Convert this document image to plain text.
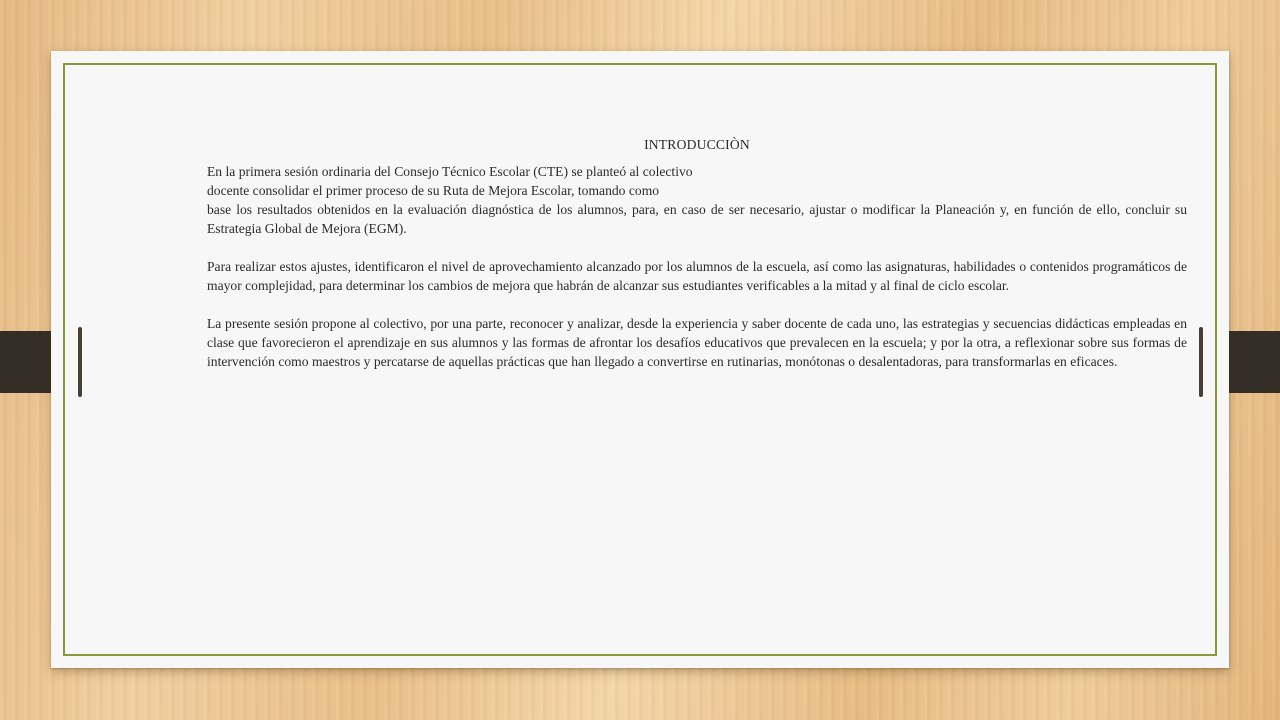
INTRODUCCIÒN
En la primera sesión ordinaria del Consejo Técnico Escolar (CTE) se planteó al colectivo
docente consolidar el primer proceso de su Ruta de Mejora Escolar, tomando como

base los resultados obtenidos en la evaluación diagnóstica de los alumnos, para, en caso de ser necesario, ajustar o modificar la Planeación y, en función de ello, concluir su Estrategia Global de Mejora (EGM).

Para realizar estos ajustes, identificaron el nivel de aprovechamiento alcanzado por los alumnos de la escuela, así como las asignaturas, habilidades o contenidos programáticos de mayor complejidad, para determinar los cambios de mejora que habrán de alcanzar sus estudiantes verificables a la mitad y al final de ciclo escolar.

La presente sesión propone al colectivo, por una parte, reconocer y analizar, desde la experiencia y saber docente de cada uno, las estrategias y secuencias didácticas empleadas en clase que favorecieron el aprendizaje en sus alumnos y las formas de afrontar los desafíos educativos que prevalecen en la escuela; y por la otra, a reflexionar sobre sus formas de intervención como maestros y percatarse de aquellas prácticas que han llegado a convertirse en rutinarias, monótonas o desalentadoras, para transformarlas en eficaces.
